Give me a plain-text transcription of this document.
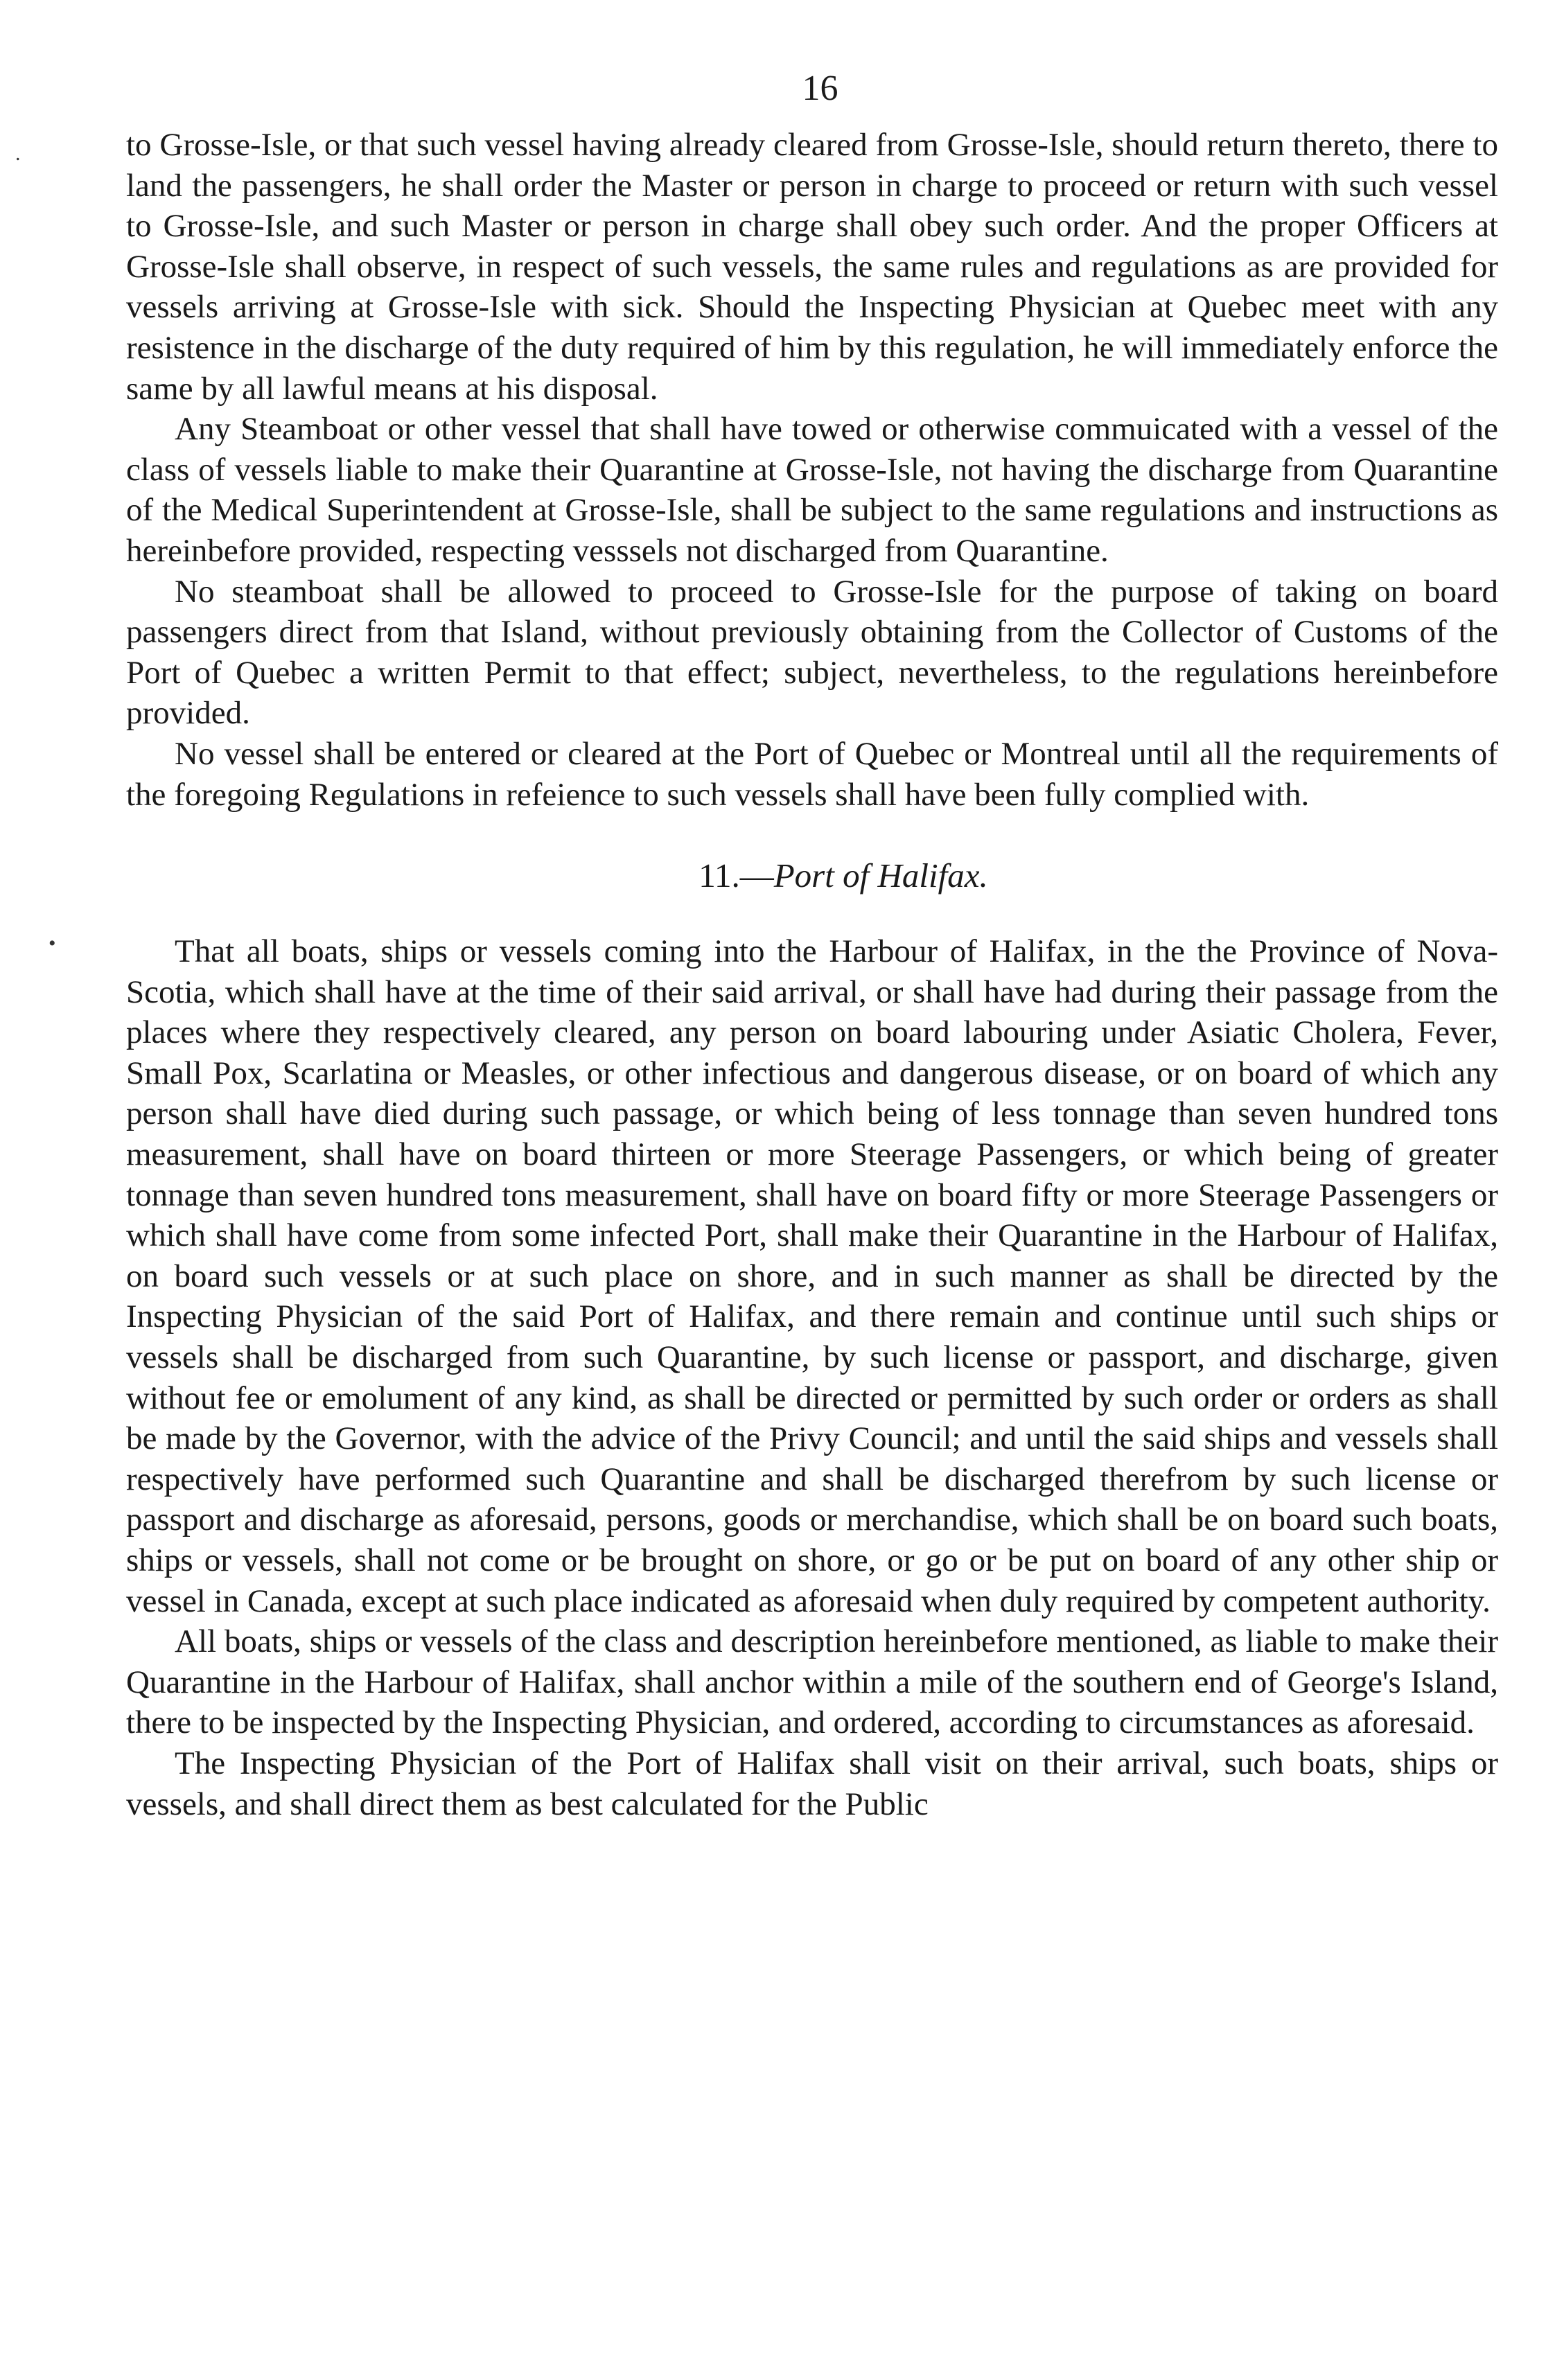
16
.
•

to Grosse-Isle, or that such vessel having already cleared from Grosse-Isle, should return thereto, there to land the passengers, he shall order the Master or person in charge to proceed or return with such vessel to Grosse-Isle, and such Master or person in charge shall obey such order. And the proper Officers at Grosse-Isle shall observe, in respect of such vessels, the same rules and regulations as are provided for vessels arriving at Grosse-Isle with sick. Should the Inspecting Physician at Quebec meet with any resistence in the discharge of the duty required of him by this regulation, he will immediately enforce the same by all lawful means at his disposal.

Any Steamboat or other vessel that shall have towed or otherwise commuicated with a vessel of the class of vessels liable to make their Quarantine at Grosse-Isle, not having the discharge from Quarantine of the Medical Superintendent at Grosse-Isle, shall be subject to the same regulations and instructions as hereinbefore provided, respecting vesssels not discharged from Quarantine.

No steamboat shall be allowed to proceed to Grosse-Isle for the purpose of taking on board passengers direct from that Island, without previously obtaining from the Collector of Customs of the Port of Quebec a written Permit to that effect; subject, nevertheless, to the regulations hereinbefore provided.

No vessel shall be entered or cleared at the Port of Quebec or Montreal until all the requirements of the foregoing Regulations in refeience to such vessels shall have been fully complied with.

11.—Port of Halifax.

That all boats, ships or vessels coming into the Harbour of Halifax, in the the Province of Nova-Scotia, which shall have at the time of their said arrival, or shall have had during their passage from the places where they respectively cleared, any person on board labouring under Asiatic Cholera, Fever, Small Pox, Scarlatina or Measles, or other infectious and dangerous disease, or on board of which any person shall have died during such passage, or which being of less tonnage than seven hundred tons measurement, shall have on board thirteen or more Steerage Passengers, or which being of greater tonnage than seven hundred tons measurement, shall have on board fifty or more Steerage Passengers or which shall have come from some infected Port, shall make their Quarantine in the Harbour of Halifax, on board such vessels or at such place on shore, and in such manner as shall be directed by the Inspecting Physician of the said Port of Halifax, and there remain and continue until such ships or vessels shall be discharged from such Quarantine, by such license or passport, and discharge, given without fee or emolument of any kind, as shall be directed or permitted by such order or orders as shall be made by the Governor, with the advice of the Privy Council; and until the said ships and vessels shall respectively have performed such Quarantine and shall be discharged therefrom by such license or passport and discharge as aforesaid, persons, goods or merchandise, which shall be on board such boats, ships or vessels, shall not come or be brought on shore, or go or be put on board of any other ship or vessel in Canada, except at such place indicated as aforesaid when duly required by competent authority.

All boats, ships or vessels of the class and description hereinbefore mentioned, as liable to make their Quarantine in the Harbour of Halifax, shall anchor within a mile of the southern end of George's Island, there to be inspected by the Inspecting Physician, and ordered, according to circumstances as aforesaid.

The Inspecting Physician of the Port of Halifax shall visit on their arrival, such boats, ships or vessels, and shall direct them as best calculated for the Public
